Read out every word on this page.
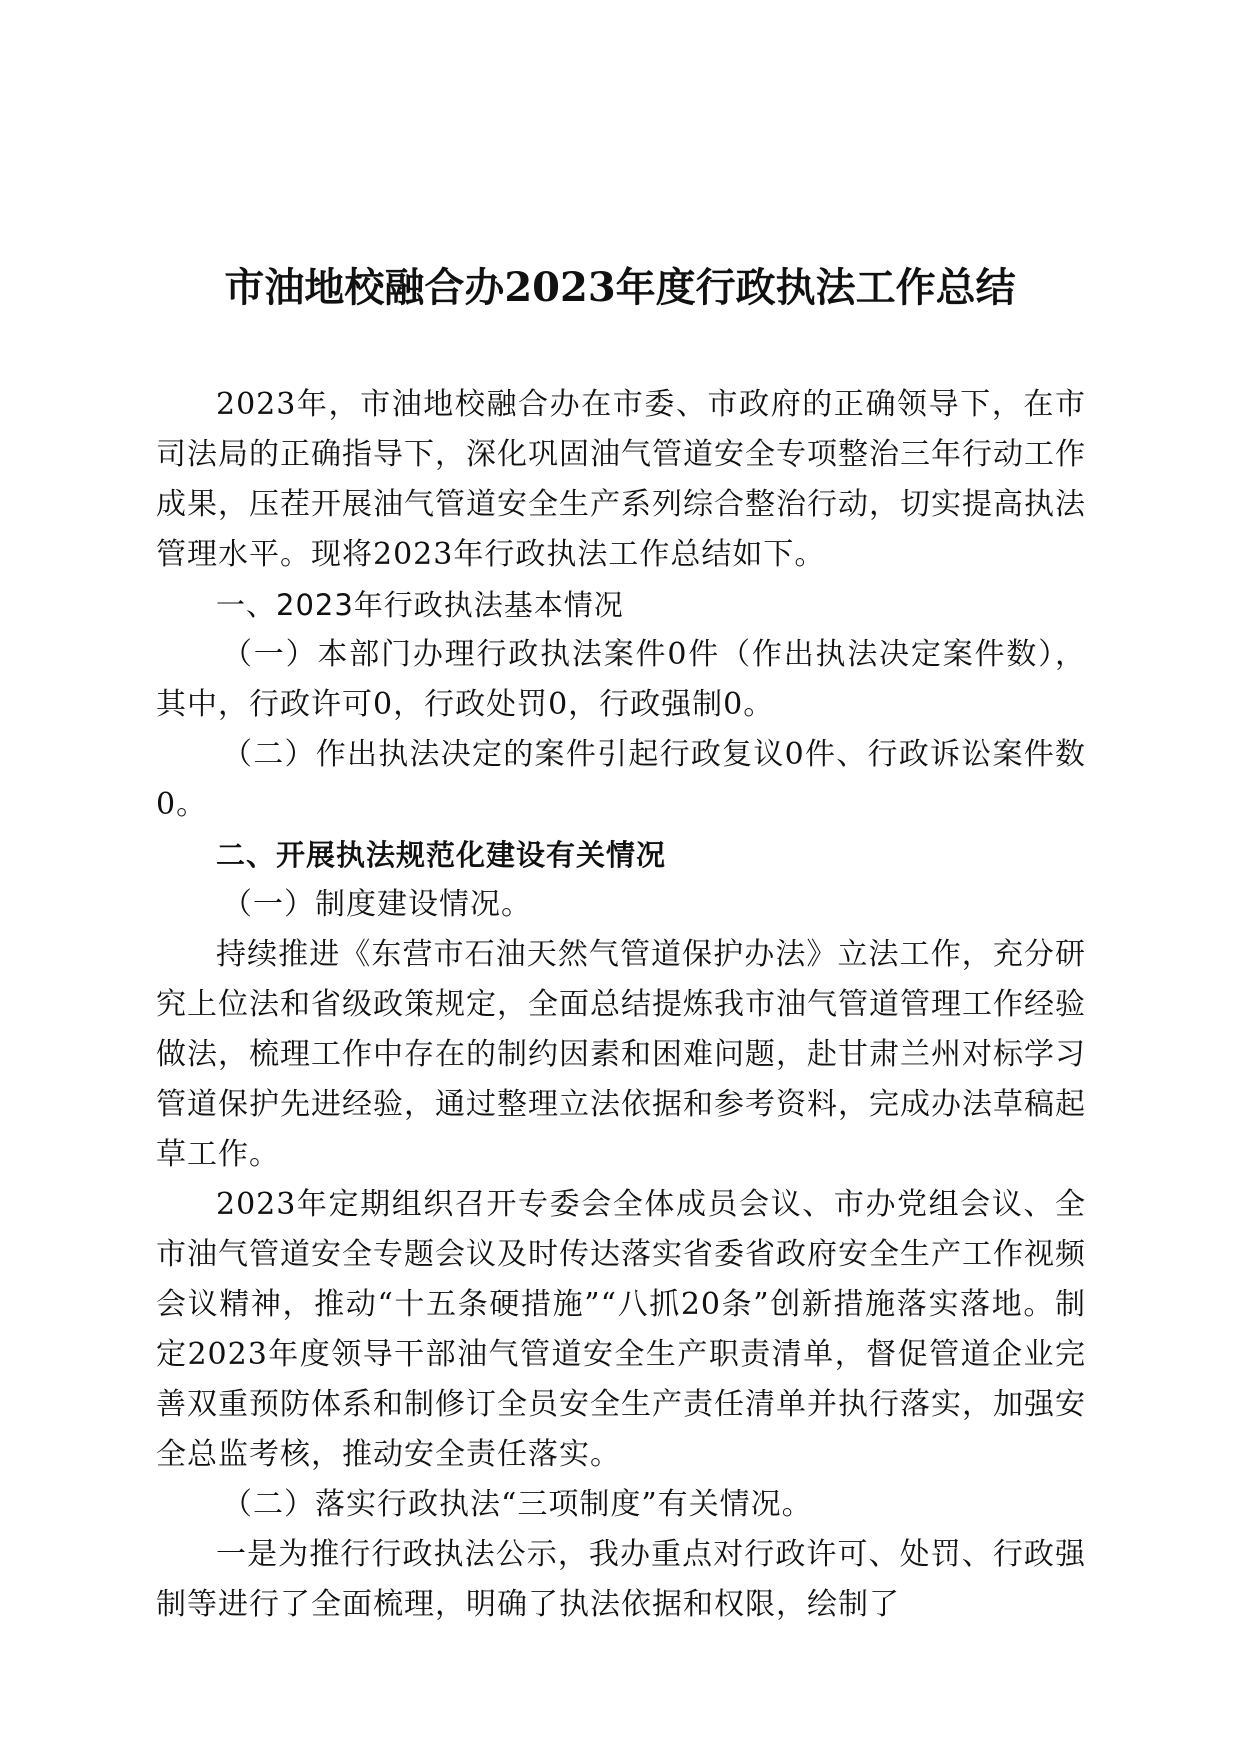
市油地校融合办2023年度行政执法工作总结

2023年，市油地校融合办在市委、市政府的正确领导下，在市司法局的正确指导下，深化巩固油气管道安全专项整治三年行动工作成果，压茬开展油气管道安全生产系列综合整治行动，切实提高执法管理水平。现将2023年行政执法工作总结如下。

一、2023年行政执法基本情况

（一）本部门办理行政执法案件0件（作出执法决定案件数），其中，行政许可0，行政处罚0，行政强制0。

（二）作出执法决定的案件引起行政复议0件、行政诉讼案件数0。

二、开展执法规范化建设有关情况

（一）制度建设情况。

持续推进《东营市石油天然气管道保护办法》立法工作，充分研究上位法和省级政策规定，全面总结提炼我市油气管道管理工作经验做法，梳理工作中存在的制约因素和困难问题，赴甘肃兰州对标学习管道保护先进经验，通过整理立法依据和参考资料，完成办法草稿起草工作。

2023年定期组织召开专委会全体成员会议、市办党组会议、全市油气管道安全专题会议及时传达落实省委省政府安全生产工作视频会议精神，推动“十五条硬措施”“八抓20条”创新措施落实落地。制定2023年度领导干部油气管道安全生产职责清单，督促管道企业完善双重预防体系和制修订全员安全生产责任清单并执行落实，加强安全总监考核，推动安全责任落实。

（二）落实行政执法“三项制度”有关情况。

一是为推行行政执法公示，我办重点对行政许可、处罚、行政强制等进行了全面梳理，明确了执法依据和权限，绘制了
